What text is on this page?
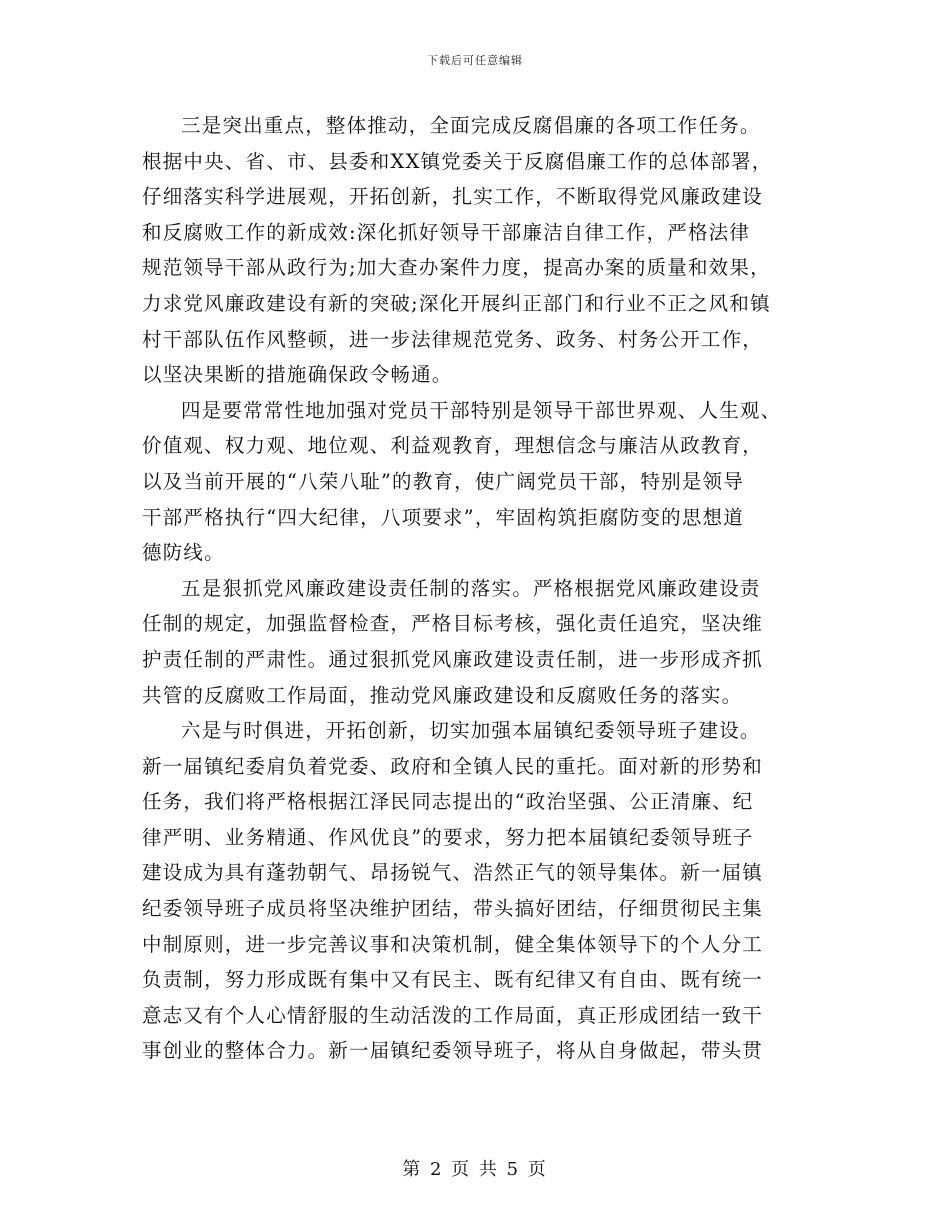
下载后可任意编辑
三是突出重点，整体推动，全面完成反腐倡廉的各项工作任务。
根据中央、省、市、县委和XX镇党委关于反腐倡廉工作的总体部署，
仔细落实科学进展观，开拓创新，扎实工作，不断取得党风廉政建设
和反腐败工作的新成效:深化抓好领导干部廉洁自律工作，严格法律
规范领导干部从政行为;加大查办案件力度，提高办案的质量和效果，
力求党风廉政建设有新的突破;深化开展纠正部门和行业不正之风和镇
村干部队伍作风整顿，进一步法律规范党务、政务、村务公开工作，
以坚决果断的措施确保政令畅通。
四是要常常性地加强对党员干部特别是领导干部世界观、人生观、
价值观、权力观、地位观、利益观教育，理想信念与廉洁从政教育，
以及当前开展的“八荣八耻”的教育，使广阔党员干部，特别是领导
干部严格执行“四大纪律，八项要求”，牢固构筑拒腐防变的思想道
德防线。
五是狠抓党风廉政建设责任制的落实。严格根据党风廉政建设责
任制的规定，加强监督检查，严格目标考核，强化责任追究，坚决维
护责任制的严肃性。通过狠抓党风廉政建设责任制，进一步形成齐抓
共管的反腐败工作局面，推动党风廉政建设和反腐败任务的落实。
六是与时俱进，开拓创新，切实加强本届镇纪委领导班子建设。
新一届镇纪委肩负着党委、政府和全镇人民的重托。面对新的形势和
任务，我们将严格根据江泽民同志提出的“政治坚强、公正清廉、纪
律严明、业务精通、作风优良”的要求，努力把本届镇纪委领导班子
建设成为具有蓬勃朝气、昂扬锐气、浩然正气的领导集体。新一届镇
纪委领导班子成员将坚决维护团结，带头搞好团结，仔细贯彻民主集
中制原则，进一步完善议事和决策机制，健全集体领导下的个人分工
负责制，努力形成既有集中又有民主、既有纪律又有自由、既有统一
意志又有个人心情舒服的生动活泼的工作局面，真正形成团结一致干
事创业的整体合力。新一届镇纪委领导班子，将从自身做起，带头贯
第 2 页 共 5 页
